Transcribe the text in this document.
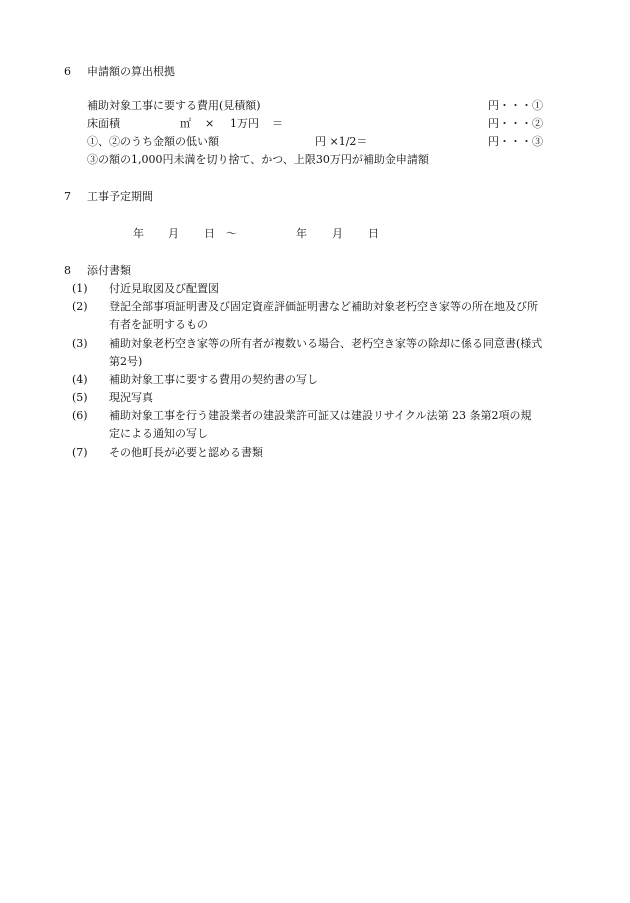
6 申請額の算出根拠
補助対象工事に要する費用(見積額)	円・・・①
床面積	㎡ × 1万円 ＝	円・・・②
①、②のうち金額の低い額	円 ×1/2＝	円・・・③
③の額の1,000円未満を切り捨て、かつ、上限30万円が補助金申請額
7 工事予定期間
年 月 日 ～	年 月 日
8 添付書類
(1) 付近見取図及び配置図
(2) 登記全部事項証明書及び固定資産評価証明書など補助対象老朽空き家等の所在地及び所
有者を証明するもの
(3) 補助対象老朽空き家等の所有者が複数いる場合、老朽空き家等の除却に係る同意書(様式
第2号)
(4) 補助対象工事に要する費用の契約書の写し
(5) 現況写真
(6) 補助対象工事を行う建設業者の建設業許可証又は建設リサイクル法第 23 条第2項の規
定による通知の写し
(7) その他町長が必要と認める書類
